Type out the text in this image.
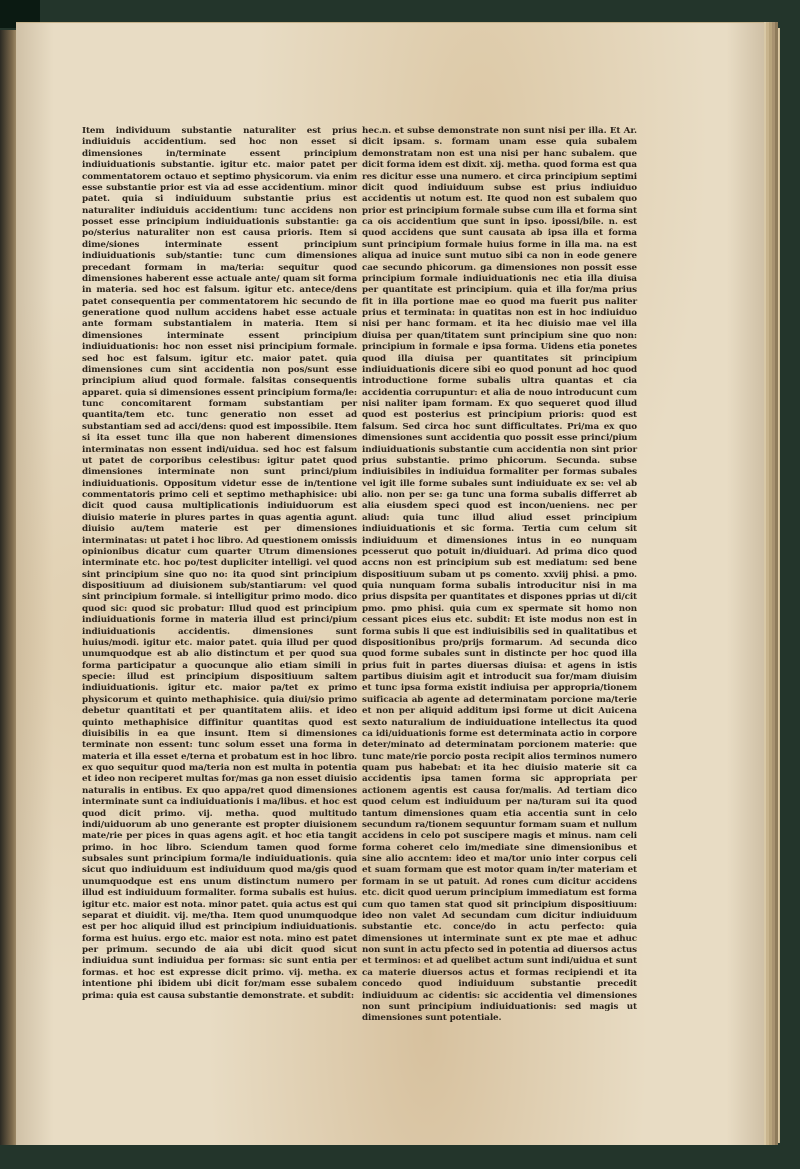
Item individuum substantie naturaliter est prius indiuiduis accidentium. sed hoc non esset si dimensiones in/terminate essent principium indiuiduationis substantie. igitur etc. maior patet per commentatorem octauo et septimo physicorum. via enim esse substantie prior est via ad esse accidentium. minor patet. quia si indiuiduum substantie prius est naturaliter indiuiduis accidentium: tunc accidens non posset esse principium indiuiduationis substantie: ga po/sterius naturaliter non est causa prioris. Item si dime/siones interminate essent principium indiuiduationis sub/stantie: tunc cum dimensiones precedant formam in ma/teria: sequitur quod dimensiones haberent esse actuale ante/ quam sit forma in materia. sed hoc est falsum. igitur etc. antece/dens patet consequentia per commentatorem hic secundo de generatione quod nullum accidens habet esse actuale ante formam substantialem in materia. Item si dimensiones interminate essent principium indiuiduationis: hoc non esset nisi principium formale. sed hoc est falsum. igitur etc. maior patet. quia dimensiones cum sint accidentia non pos/sunt esse principium aliud quod formale. falsitas consequentis apparet. quia si dimensiones essent principium forma/le: tunc concomitarent formam substantiam per quantita/tem etc. tunc generatio non esset ad substantiam sed ad acci/dens: quod est impossibile. Item si ita esset tunc illa que non haberent dimensiones interminatas non essent indi/uidua. sed hoc est falsum ut patet de corporibus celestibus: igitur patet quod dimensiones interminate non sunt princi/pium indiuiduationis. Oppositum videtur esse de in/tentione commentatoris primo celi et septimo methaphisice: ubi dicit quod causa multiplicationis indiuiduorum est diuisio materie in plures partes in quas agentia agunt. diuisio au/tem materie est per dimensiones interminatas: ut patet i hoc libro. Ad questionem omissis opinionibus dicatur cum quarter Utrum dimensiones interminate etc. hoc po/test dupliciter intelligi. vel quod sint principium sine quo no: ita quod sint principium dispositiuum ad diuisionem sub/stantiarum: vel quod sint principium formale. si intelligitur primo modo. dico quod sic: quod sic probatur: Illud quod est principium indiuiduationis forme in materia illud est princi/pium indiuiduationis accidentis. dimensiones sunt huius/modi. igitur etc. maior patet. quia illud per quod unumquodque est ab alio distinctum et per quod sua forma participatur a quocunque alio etiam simili in specie: illud est principium dispositiuum saltem indiuiduationis. igitur etc. maior pa/tet ex primo physicorum et quinto methaphisice. quia diui/sio primo debetur quantitati et per quantitatem aliis. et ideo quinto methaphisice diffinitur quantitas quod est diuisibilis in ea que insunt. Item si dimensiones terminate non essent: tunc solum esset una forma in materia et illa esset e/terna et probatum est in hoc libro. ex quo sequitur quod ma/teria non est multa in potentia et ideo non reciperet multas for/mas ga non esset diuisio naturalis in entibus. Ex quo appa/ret quod dimensiones interminate sunt ca indiuiduationis i ma/libus. et hoc est quod dicit primo. vij. metha. quod multitudo indi/uiduorum ab uno generante est propter diuisionem mate/rie per pices in quas agens agit. et hoc etia tangit primo. in hoc libro. Sciendum tamen quod forme subsales sunt principium forma/le indiuiduationis. quia sicut quo indiuiduum est indiuiduum quod ma/gis quod unumquodque est ens unum distinctum numero per illud est indiuiduum formaliter. forma subalis est huius. igitur etc. maior est nota. minor patet. quia actus est qui separat et diuidit. vij. me/tha. Item quod unumquodque est per hoc aliquid illud est principium indiuiduationis. forma est huius. ergo etc. maior est nota. mino est patet per primum. secundo de aia ubi dicit quod sicut indiuidua sunt indiuidua per formas: sic sunt entia per formas. et hoc est expresse dicit primo. vij. metha. ex intentione phi ibidem ubi dicit for/mam esse subalem prima: quia est causa substantie demonstrate. et subdit:

hec.n. et subse demonstrate non sunt nisi per illa. Et Ar. dicit ipsam. s. formam unam esse quia subalem demonstratam non est una nisi per hanc subalem. que dicit forma idem est dixit. xij. metha. quod forma est qua res dicitur esse una numero. et circa principium septimi dicit quod indiuiduum subse est prius indiuiduo accidentis ut notum est. Ite quod non est subalem quo prior est principium formale subse cum illa et forma sint ca ois accidentium que sunt in ipso. ipossi/bile. n. est quod accidens que sunt causata ab ipsa illa et forma sunt principium formale huius forme in illa ma. na est aliqua ad inuice sunt mutuo sibi ca non in eode genere cae secundo phicorum. ga dimensiones non possit esse principium formale indiuiduationis nec etia illa diuisa per quantitate est principium. quia et illa for/ma prius fit in illa portione mae eo quod ma fuerit pus naliter prius et terminata: in quatitas non est in hoc indiuiduo nisi per hanc formam. et ita hec diuisio mae vel illa diuisa per quan/titatem sunt principium sine quo non: principium in formale e ipsa forma. Uidens etia ponetes quod illa diuisa per quantitates sit principium indiuiduationis dicere sibi eo quod ponunt ad hoc quod introductione forme subalis ultra quantas et cia accidentia corrupuntur: et alia de nouo introducunt cum nisi naliter ipam formam. Ex quo sequeret quod illud quod est posterius est principium prioris: quod est falsum. Sed circa hoc sunt difficultates. Pri/ma ex quo dimensiones sunt accidentia quo possit esse princi/pium indiuiduationis substantie cum accidentia non sint prior prius substantie. primo phicorum. Secunda. subse indiuisibiles in indiuidua formaliter per formas subales vel igit ille forme subales sunt indiuiduate ex se: vel ab alio. non per se: ga tunc una forma subalis differret ab alia eiusdem speci quod est incon/ueniens. nec per aliud: quia tunc illud aliud esset principium indiuiduationis et sic forma. Tertia cum celum sit indiuiduum et dimensiones intus in eo nunquam pcesserut quo potuit in/diuiduari. Ad prima dico quod accns non est principium sub est mediatum: sed bene dispositiuum subam ut ps comento. xxviij phisi. a pmo. quia nunquam forma subalis introducitur nisi in ma prius dispsita per quantitates et dispones pprias ut di/cit pmo. pmo phisi. quia cum ex spermate sit homo non cessant pices eius etc. subdit: Et iste modus non est in forma subis li que est indiuisibilis sed in qualitatibus et dispositionibus pro/prijs formarum. Ad secunda dico quod forme subales sunt in distincte per hoc quod illa prius fuit in partes diuersas diuisa: et agens in istis partibus diuisim agit et introducit sua for/mam diuisim et tunc ipsa forma existit indiuisa per appropria/tionem suificacia ab agente ad determinatam porcione ma/terie et non per aliquid additum ipsi forme ut dicit Auicena sexto naturalium de indiuiduatione intellectus ita quod ca idi/uiduationis forme est determinata actio in corpore deter/minato ad determinatam porcionem materie: que tunc mate/rie porcio posta recipit alios terminos numero quam pus habebat: et ita hec diuisio materie sit ca accidentis ipsa tamen forma sic appropriata per actionem agentis est causa for/malis. Ad tertiam dico quod celum est indiuiduum per na/turam sui ita quod tantum dimensiones quam etia accentia sunt in celo secundum ra/tionem sequuntur formam suam et nullum accidens in celo pot suscipere magis et minus. nam celi forma coheret celo im/mediate sine dimensionibus et sine alio accntem: ideo et ma/tor unio inter corpus celi et suam formam que est motor quam in/ter materiam et formam in se ut patuit. Ad rones cum dicitur accidens etc. dicit quod uerum principium immediatum est forma cum quo tamen stat quod sit principium dispositiuum: ideo non valet Ad secundam cum dicitur indiuiduum substantie etc. conce/do in actu perfecto: quia dimensiones ut interminate sunt ex pte mae et adhuc non sunt in actu pfecto sed in potentia ad diuersos actus et terminos: et ad quelibet actum sunt indi/uidua et sunt ca materie diuersos actus et formas recipiendi et ita concedo quod indiuiduum substantie precedit indiuiduum ac cidentis: sic accidentia vel dimensiones non sunt principium indiuiduationis: sed magis ut dimensiones sunt potentiale.
